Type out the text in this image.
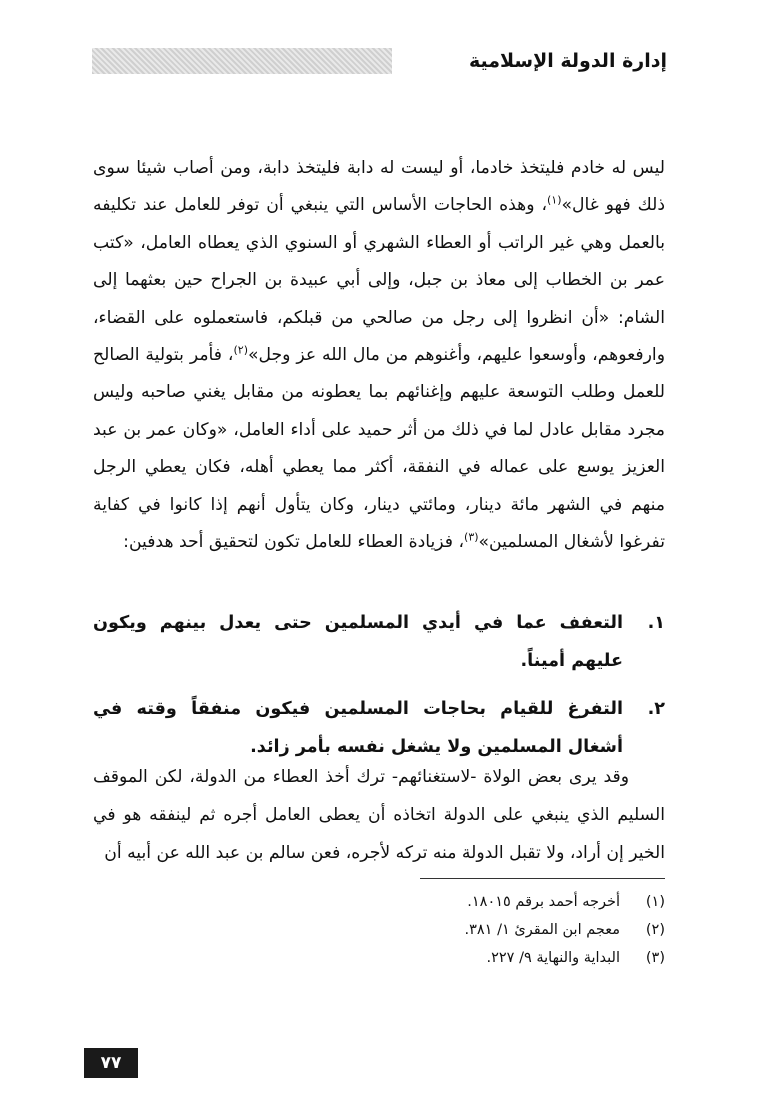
إدارة الدولة الإسلامية

ليس له خادم فليتخذ خادما، أو ليست له دابة فليتخذ دابة، ومن أصاب شيئا سوى ذلك فهو غال»$^{(١)}$، وهذه الحاجات الأساس التي ينبغي أن توفر للعامل عند تكليفه بالعمل وهي غير الراتب أو العطاء الشهري أو السنوي الذي يعطاه العامل، «كتب عمر بن الخطاب إلى معاذ بن جبل، وإلى أبي عبيدة بن الجراح حين بعثهما إلى الشام: «أن انظروا إلى رجل من صالحي من قبلكم، فاستعملوه على القضاء، وارفعوهم، وأوسعوا عليهم، وأغنوهم من مال الله عز وجل»$^{(٢)}$، فأمر بتولية الصالح للعمل وطلب التوسعة عليهم وإغنائهم بما يعطونه من مقابل يغني صاحبه وليس مجرد مقابل عادل لما في ذلك من أثر حميد على أداء العامل، «وكان عمر بن عبد العزيز يوسع على عماله في النفقة، أكثر مما يعطي أهله، فكان يعطي الرجل منهم في الشهر مائة دينار، ومائتي دينار، وكان يتأول أنهم إذا كانوا في كفاية تفرغوا لأشغال المسلمين»$^{(٣)}$، فزيادة العطاء للعامل تكون لتحقيق أحد هدفين:

١.
التعفف عما في أيدي المسلمين حتى يعدل بينهم ويكون عليهم أميناً.
٢.
التفرغ للقيام بحاجات المسلمين فيكون منفقاً وقته في أشغال المسلمين ولا يشغل نفسه بأمر زائد.

وقد يرى بعض الولاة -لاستغنائهم- ترك أخذ العطاء من الدولة، لكن الموقف السليم الذي ينبغي على الدولة اتخاذه أن يعطى العامل أجره ثم لينفقه هو في الخير إن أراد، ولا تقبل الدولة منه تركه لأجره، فعن سالم بن عبد الله عن أبيه أن

(١)
أخرجه أحمد برقم ١٨٠١٥.
(٢)
معجم ابن المقرئ ١/ ٣٨١.
(٣)
البداية والنهاية ٩/ ٢٢٧.
٧٧
